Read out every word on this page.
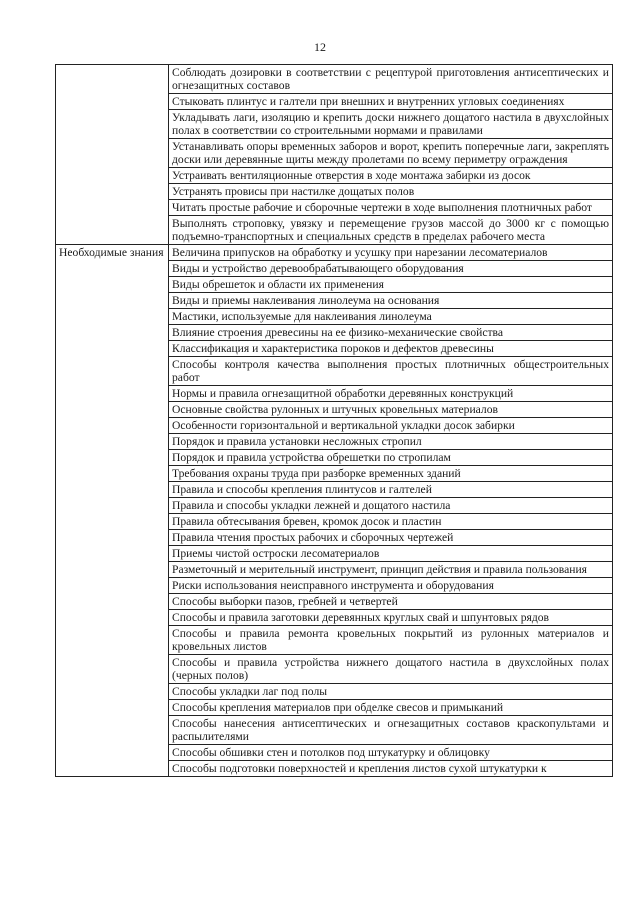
12
	Соблюдать дозировки в соответствии с рецептурой приготовления антисептических и огнезащитных составов
	Стыковать плинтус и галтели при внешних и внутренних угловых соединениях
	Укладывать лаги, изоляцию и крепить доски нижнего дощатого настила в двухслойных полах в соответствии со строительными нормами и правилами
	Устанавливать опоры временных заборов и ворот, крепить поперечные лаги, закреплять доски или деревянные щиты между пролетами по всему периметру ограждения
	Устраивать вентиляционные отверстия в ходе монтажа забирки из досок
	Устранять провисы при настилке дощатых полов
	Читать простые рабочие и сборочные чертежи в ходе выполнения плотничных работ
	Выполнять строповку, увязку и перемещение грузов массой до 3000 кг с помощью подъемно-транспортных и специальных средств в пределах рабочего места
Необходимые знания	Величина припусков на обработку и усушку при нарезании лесоматериалов
	Виды и устройство деревообрабатывающего оборудования
	Виды обрешеток и области их применения
	Виды и приемы наклеивания линолеума на основания
	Мастики, используемые для наклеивания линолеума
	Влияние строения древесины на ее физико-механические свойства
	Классификация и характеристика пороков и дефектов древесины
	Способы контроля качества выполнения простых плотничных общестроительных работ
	Нормы и правила огнезащитной обработки деревянных конструкций
	Основные свойства рулонных и штучных кровельных материалов
	Особенности горизонтальной и вертикальной укладки досок забирки
	Порядок и правила установки несложных стропил
	Порядок и правила устройства обрешетки по стропилам
	Требования охраны труда при разборке временных зданий
	Правила и способы крепления плинтусов и галтелей
	Правила и способы укладки лежней и дощатого настила
	Правила обтесывания бревен, кромок досок и пластин
	Правила чтения простых рабочих и сборочных чертежей
	Приемы чистой остроски лесоматериалов
	Разметочный и мерительный инструмент, принцип действия и правила пользования
	Риски использования неисправного инструмента и оборудования
	Способы выборки пазов, гребней и четвертей
	Способы и правила заготовки деревянных круглых свай и шпунтовых рядов
	Способы и правила ремонта кровельных покрытий из рулонных материалов и кровельных листов
	Способы и правила устройства нижнего дощатого настила в двухслойных полах (черных полов)
	Способы укладки лаг под полы
	Способы крепления материалов при обделке свесов и примыканий
	Способы нанесения антисептических и огнезащитных составов краскопультами и распылителями
	Способы обшивки стен и потолков под штукатурку и облицовку
	Способы подготовки поверхностей и крепления листов сухой штукатурки к
